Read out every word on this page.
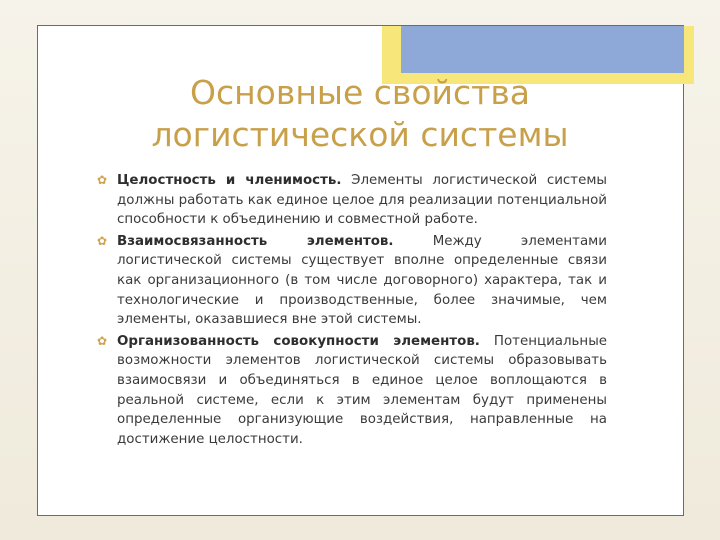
Основные свойства логистической системы
✿ Целостность и членимость. Элементы логистической системы должны работать как единое целое для реализации потенциальной способности к объединению и совместной работе.
✿ Взаимосвязанность элементов. Между элементами логистической системы существует вполне определенные связи как организационного (в том числе договорного) характера, так и технологические и производственные, более значимые, чем элементы, оказавшиеся вне этой системы.
✿ Организованность совокупности элементов. Потенциальные возможности элементов логистической системы образовывать взаимосвязи и объединяться в единое целое воплощаются в реальной системе, если к этим элементам будут применены определенные организующие воздействия, направленные на достижение целостности.
